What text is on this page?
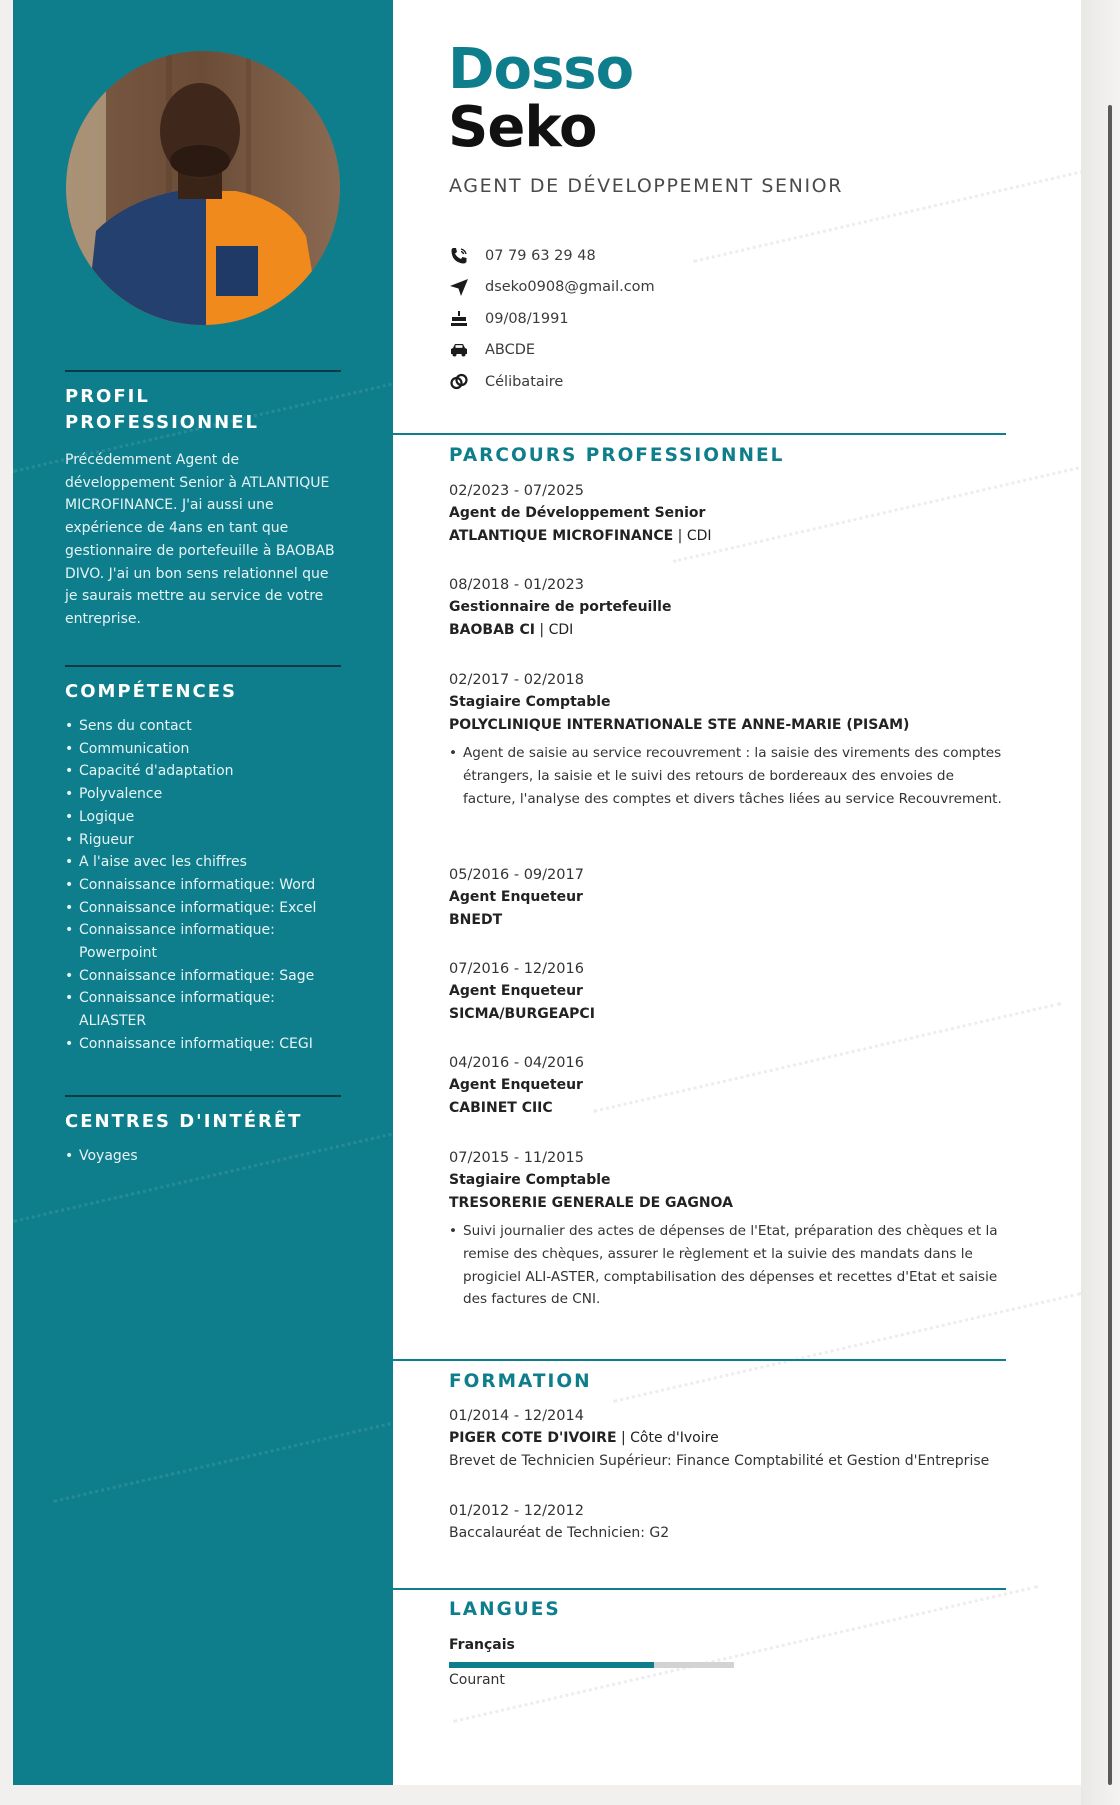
PROFIL PROFESSIONNEL
Précédemment Agent de développement Senior à ATLANTIQUE MICROFINANCE. J'ai aussi une expérience de 4ans en tant que gestionnaire de portefeuille à BAOBAB DIVO. J'ai un bon sens relationnel que je saurais mettre au service de votre entreprise.
COMPÉTENCES
• Sens du contact
• Communication
• Capacité d'adaptation
• Polyvalence
• Logique
• Rigueur
• A l'aise avec les chiffres
• Connaissance informatique: Word
• Connaissance informatique: Excel
• Connaissance informatique: Powerpoint
• Connaissance informatique: Sage
• Connaissance informatique: ALIASTER
• Connaissance informatique: CEGI
CENTRES D'INTÉRÊT
• Voyages
Dosso
Seko
AGENT DE DÉVELOPPEMENT SENIOR
07 79 63 29 48
dseko0908@gmail.com
09/08/1991
ABCDE
Célibataire
PARCOURS PROFESSIONNEL
02/2023 - 07/2025
Agent de Développement Senior
ATLANTIQUE MICROFINANCE | CDI
08/2018 - 01/2023
Gestionnaire de portefeuille
BAOBAB CI | CDI
02/2017 - 02/2018
Stagiaire Comptable
POLYCLINIQUE INTERNATIONALE STE ANNE-MARIE (PISAM)
• Agent de saisie au service recouvrement : la saisie des virements des comptes étrangers, la saisie et le suivi des retours de bordereaux des envoies de facture, l'analyse des comptes et divers tâches liées au service Recouvrement.
05/2016 - 09/2017
Agent Enqueteur
BNEDT
07/2016 - 12/2016
Agent Enqueteur
SICMA/BURGEAPCI
04/2016 - 04/2016
Agent Enqueteur
CABINET CIIC
07/2015 - 11/2015
Stagiaire Comptable
TRESORERIE GENERALE DE GAGNOA
• Suivi journalier des actes de dépenses de l'Etat, préparation des chèques et la remise des chèques, assurer le règlement et la suivie des mandats dans le progiciel ALI-ASTER, comptabilisation des dépenses et recettes d'Etat et saisie des factures de CNI.
FORMATION
01/2014 - 12/2014
PIGER COTE D'IVOIRE | Côte d'Ivoire
Brevet de Technicien Supérieur: Finance Comptabilité et Gestion d'Entreprise
01/2012 - 12/2012
Baccalauréat de Technicien: G2
LANGUES
Français
Courant
